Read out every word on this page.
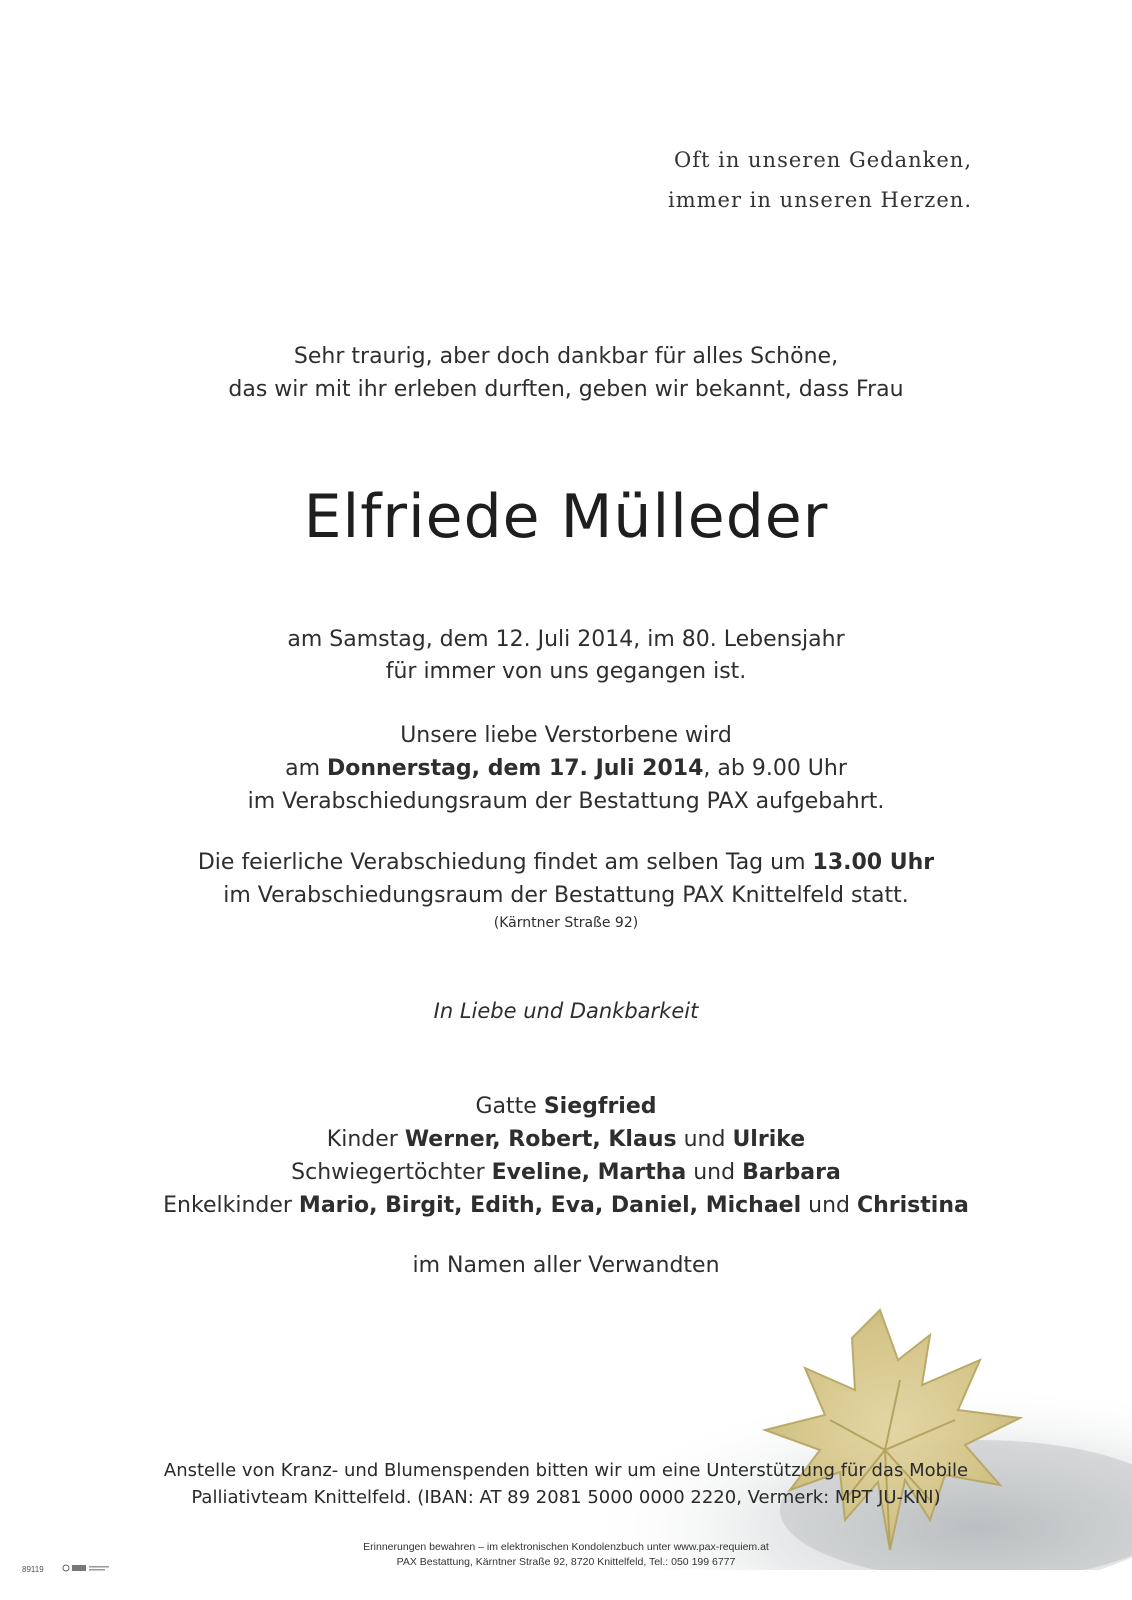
Oft in unseren Gedanken,
immer in unseren Herzen.
Sehr traurig, aber doch dankbar für alles Schöne,
das wir mit ihr erleben durften, geben wir bekannt, dass Frau
Elfriede Mülleder
am Samstag, dem 12. Juli 2014, im 80. Lebensjahr
für immer von uns gegangen ist.
Unsere liebe Verstorbene wird
am Donnerstag, dem 17. Juli 2014, ab 9.00 Uhr
im Verabschiedungsraum der Bestattung PAX aufgebahrt.
Die feierliche Verabschiedung findet am selben Tag um 13.00 Uhr
im Verabschiedungsraum der Bestattung PAX Knittelfeld statt.
(Kärntner Straße 92)
In Liebe und Dankbarkeit
Gatte Siegfried
Kinder Werner, Robert, Klaus und Ulrike
Schwiegertöchter Eveline, Martha und Barbara
Enkelkinder Mario, Birgit, Edith, Eva, Daniel, Michael und Christina
im Namen aller Verwandten
Anstelle von Kranz- und Blumenspenden bitten wir um eine Unterstützung für das Mobile
Palliativteam Knittelfeld. (IBAN: AT 89 2081 5000 0000 2220, Vermerk: MPT JU-KNI)
Erinnerungen bewahren – im elektronischen Kondolenzbuch unter www.pax-requiem.at
PAX Bestattung, Kärntner Straße 92, 8720 Knittelfeld, Tel.: 050 199 6777
89119
